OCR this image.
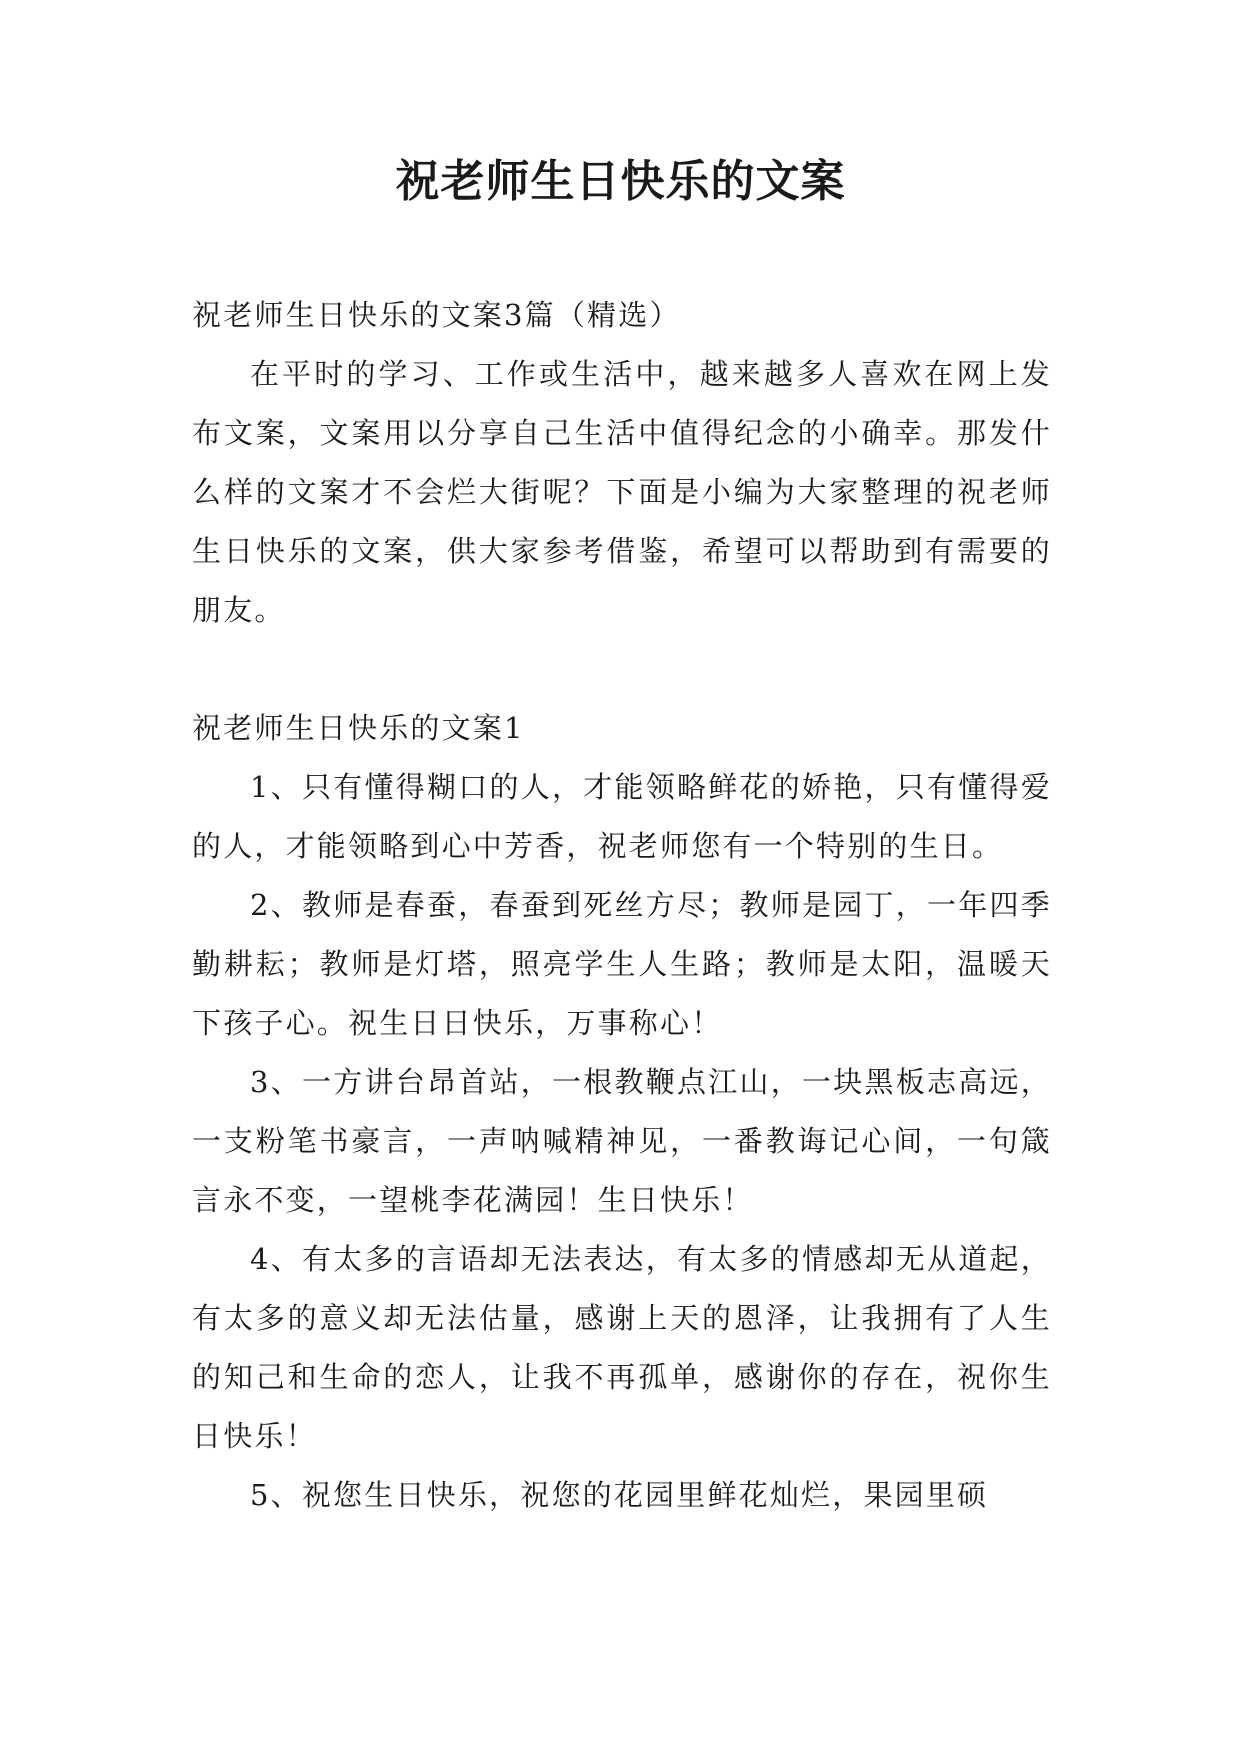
祝老师生日快乐的文案

祝老师生日快乐的文案3篇（精选）

在平时的学习、工作或生活中，越来越多人喜欢在网上发布文案，文案用以分享自己生活中值得纪念的小确幸。那发什么样的文案才不会烂大街呢？下面是小编为大家整理的祝老师生日快乐的文案，供大家参考借鉴，希望可以帮助到有需要的朋友。

祝老师生日快乐的文案1

1、只有懂得糊口的人，才能领略鲜花的娇艳，只有懂得爱的人，才能领略到心中芳香，祝老师您有一个特别的生日。

2、教师是春蚕，春蚕到死丝方尽；教师是园丁，一年四季勤耕耘；教师是灯塔，照亮学生人生路；教师是太阳，温暖天下孩子心。祝生日日快乐，万事称心！

3、一方讲台昂首站，一根教鞭点江山，一块黑板志高远，一支粉笔书豪言，一声呐喊精神见，一番教诲记心间，一句箴言永不变，一望桃李花满园！生日快乐！

4、有太多的言语却无法表达，有太多的情感却无从道起，有太多的意义却无法估量，感谢上天的恩泽，让我拥有了人生的知己和生命的恋人，让我不再孤单，感谢你的存在，祝你生日快乐！

5、祝您生日快乐，祝您的花园里鲜花灿烂，果园里硕
